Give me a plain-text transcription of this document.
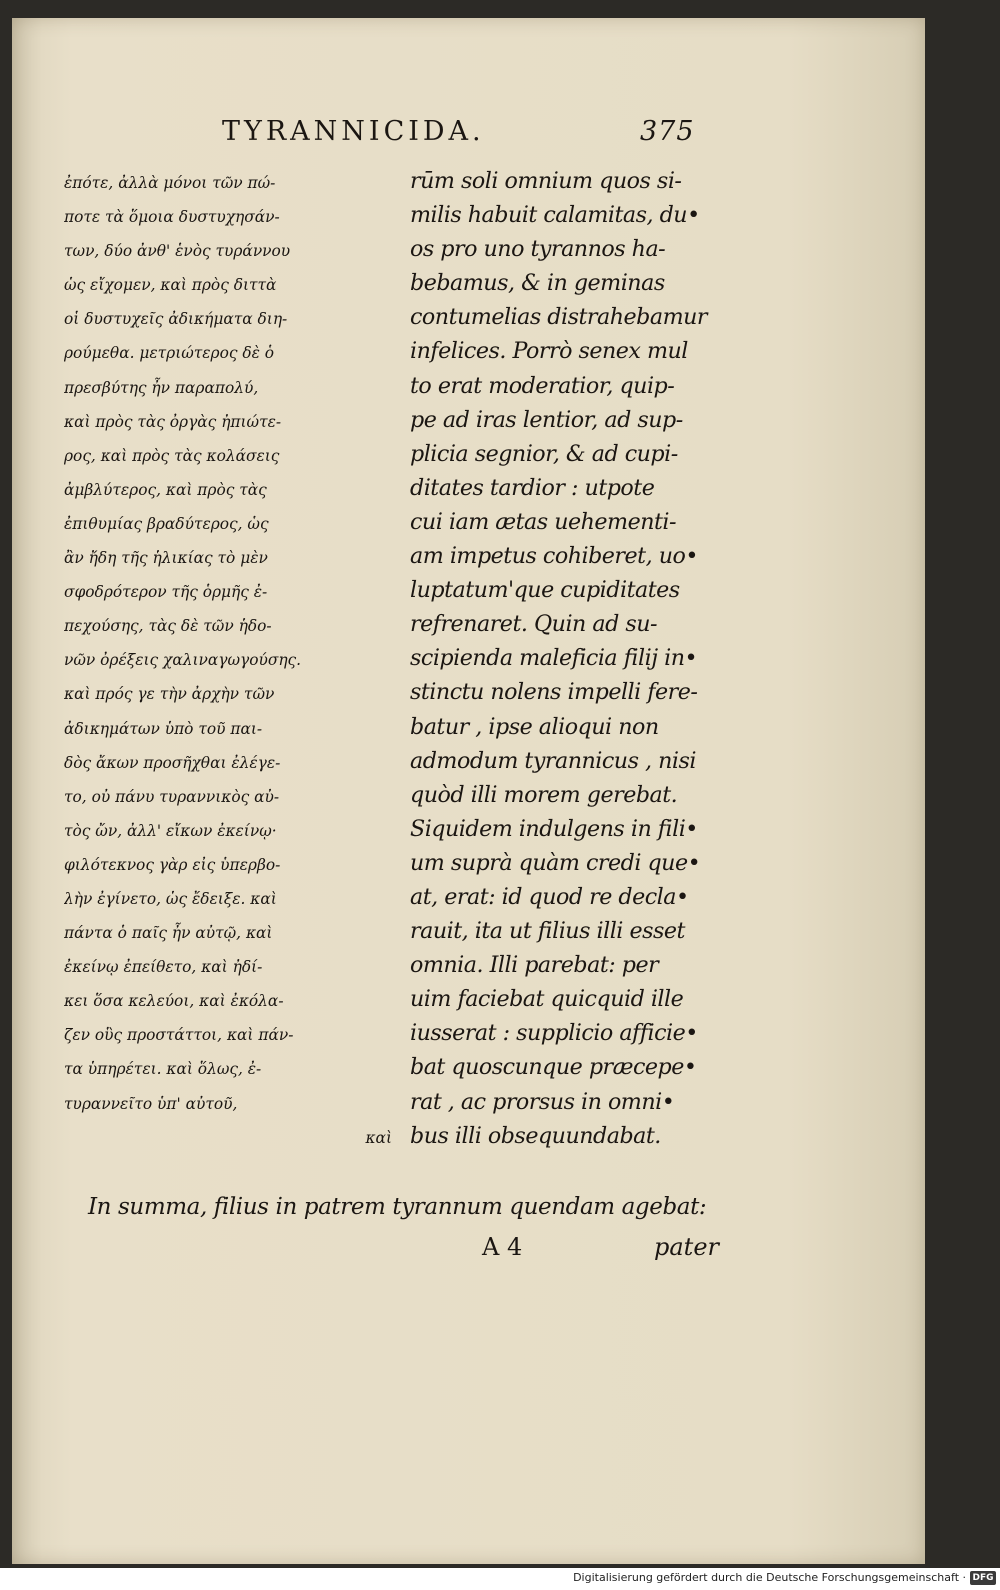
TYRANNICIDA.	375
ἐπότε, ἀλλὰ μόνοι τῶν πώ-
ποτε τὰ ὅμοια δυστυχησάν-
των, δύο ἀνθ' ἑνὸς τυράννου
ὡς εἴχομεν, καὶ πρὸς διττὰ
οἱ δυστυχεῖς ἀδικήματα διη-
ρούμεθα. μετριώτερος δὲ ὁ
πρεσβύτης ἦν παραπολύ,
καὶ πρὸς τὰς ὀργὰς ἠπιώτε-
ρος, καὶ πρὸς τὰς κολάσεις
ἀμβλύτερος, καὶ πρὸς τὰς
ἐπιθυμίας βραδύτερος, ὡς
ἂν ἤδη τῆς ἡλικίας τὸ μὲν
σφοδρότερον τῆς ὁρμῆς ἐ-
πεχούσης, τὰς δὲ τῶν ἡδο-
νῶν ὀρέξεις χαλιναγωγούσης.
καὶ πρός γε τὴν ἀρχὴν τῶν
ἀδικημάτων ὑπὸ τοῦ παι-
δὸς ἄκων προσῆχθαι ἐλέγε-
το, οὐ πάνυ τυραννικὸς αὐ-
τὸς ὤν, ἀλλ' εἴκων ἐκείνῳ·
φιλότεκνος γὰρ εἰς ὑπερβο-
λὴν ἐγίνετο, ὡς ἔδειξε. καὶ
πάντα ὁ παῖς ἦν αὐτῷ, καὶ
ἐκείνῳ ἐπείθετο, καὶ ἠδί-
κει ὅσα κελεύοι, καὶ ἐκόλα-
ζεν οὓς προστάττοι, καὶ πάν-
τα ὑπηρέτει. καὶ ὅλως, ἐ-
τυραννεῖτο ὑπ' αὐτοῦ,
καὶ
rūm soli omnium quos si-
milis habuit calamitas, du•
os pro uno tyrannos ha-
bebamus, & in geminas
contumelias distrahebamur
infelices. Porrò senex mul
to erat moderatior, quip-
pe ad iras lentior, ad sup-
plicia segnior, & ad cupi-
ditates tardior : utpote
cui iam ætas uehementi-
am impetus cohiberet, uo•
luptatum'que cupiditates
refrenaret. Quin ad su-
scipienda maleficia filij in•
stinctu nolens impelli fere-
batur , ipse alioqui non
admodum tyrannicus , nisi
quòd illi morem gerebat.
Siquidem indulgens in fili•
um suprà quàm credi que•
at, erat: id quod re decla•
rauit, ita ut filius illi esset
omnia. Illi parebat: per
uim faciebat quicquid ille
iusserat : supplicio afficie•
bat quoscunque præcepe•
rat , ac prorsus in omni•
bus illi obsequundabat.
In summa, filius in patrem tyrannum quendam agebat:
A 4	pater
Digitalisierung gefördert durch die Deutsche Forschungsgemeinschaft · DFG
